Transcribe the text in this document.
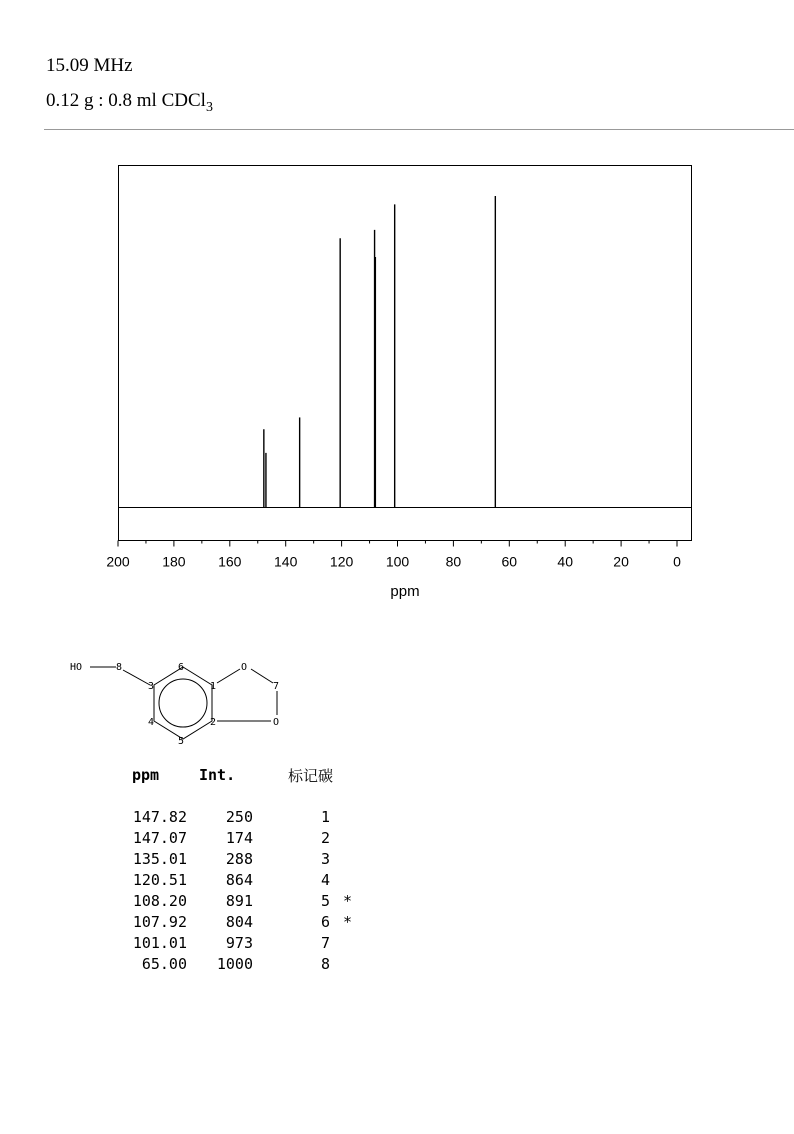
15.09 MHz
0.12 g : 0.8 ml CDCl$_3$
200 180 160 140 120 100	80	60	40	20	0
ppm
HO	8
3
6
1
O
7
4	2	O
5
ppm	Int.	标记碳
147.82	250	1
147.07	174	2
135.01	288	3
120.51	864	4
108.20	891	5 *
107.92	804	6 *
101.01	973	7
65.00 1000	8
